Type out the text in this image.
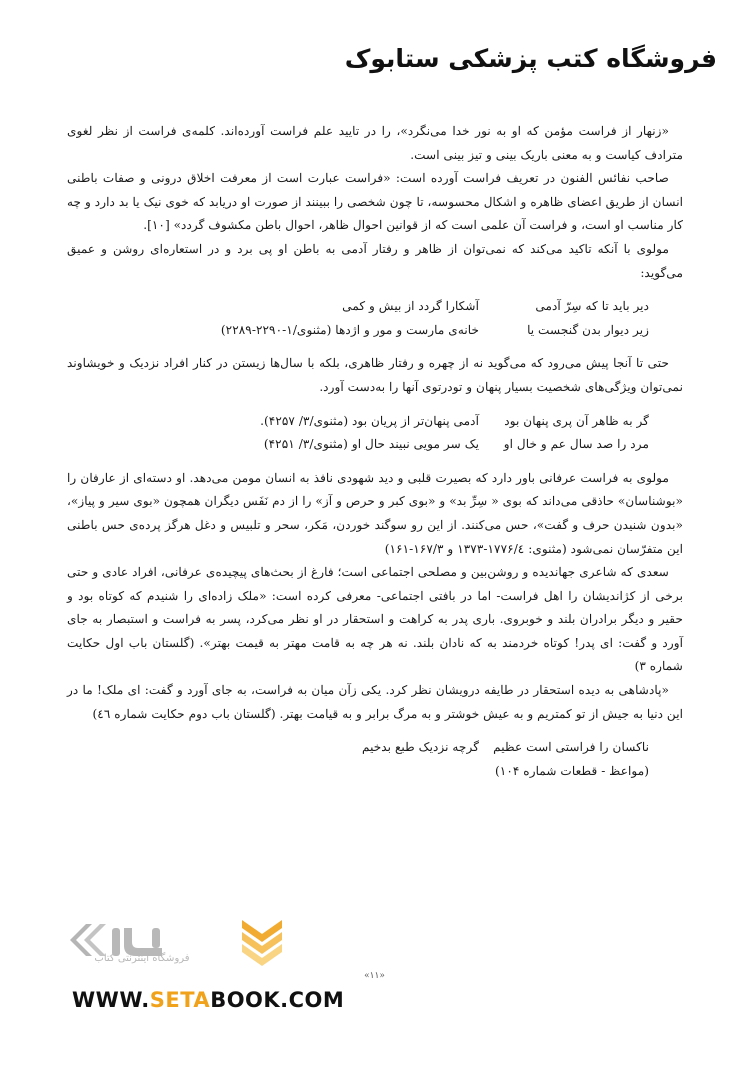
فروشگاه کتب پزشکی ستابوک

«زنهار از فراست مؤمن که او به نور خدا می‌نگرد»، را در تایید علم فراست آورده‌اند. کلمه‌ی فراست از نظر لغوی مترادف کیاست و به معنی باریک بینی و تیز بینی است.

صاحب نفائس الفنون در تعریف فراست آورده است: «فراست عبارت است از معرفت اخلاق درونی و صفات باطنی انسان از طریق اعضای ظاهره و اشکال محسوسه، تا چون شخصی را ببینند از صورت او دریابد که خوی نیک یا بد دارد و چه کار مناسب او است، و فراست آن علمی است که از قوانین احوال ظاهر، احوال باطن مکشوف گردد» [۱۰].

مولوی با آنکه تاکید می‌کند که نمی‌توان از ظاهر و رفتار آدمی به باطن او پی برد و در استعاره‌ای روشن و عمیق می‌گوید:

دیر باید تا که سِرّ آدمی
آشکارا گردد از بیش و کمی
زیر دیوار بدن گنجست یا
خانه‌ی مارست و مور و اژدها (مثنوی/۱-۲۲۹۰-۲۲۸۹)

حتی تا آنجا پیش می‌رود که می‌گوید نه از چهره و رفتار ظاهری، بلکه با سال‌ها زیستن در کنار افراد نزدیک و خویشاوند نمی‌توان ویژگی‌های شخصیت بسیار پنهان و تودرتوی آنها را به‌دست آورد.

گر به ظاهر آن پری پنهان بود
آدمی پنهان‌تر از پریان بود (مثنوی/۳/ ۴۲۵۷).
مرد را صد سال عم و خال او
یک سر مویی نبیند حال او (مثنوی/۳/ ۴۲۵۱)

مولوی به فراست عرفانی باور دارد که بصیرت قلبی و دید شهودی نافذ به انسان مومن می‌دهد. او دسته‌ای از عارفان را «بوشناسان» حاذقی می‌داند که بوی « سِرِّ بد» و «بوی کبر و حرص و آز» را از دم نَفَس دیگران همچون «بوی سیر و پیاز»، «بدون شنیدن حرف و گفت»، حس می‌کنند. از این رو سوگند خوردن، مَکر، سحر و تلبیس و دغل هرگز پرده‌ی حس باطنی این متفرّسان نمی‌شود (مثنوی: ۱۷۷۶/٤-۱۳۷۳ و ۱۶۷/۳-۱۶۱)

سعدی که شاعری جهاندیده و روشن‌بین و مصلحی اجتماعی است؛ فارغ از بحث‌های پیچیده‌ی عرفانی، افراد عادی و حتی برخی از کژاندیشان را اهل فراست- اما در بافتی اجتماعی- معرفی کرده است: «ملک زاده‌ای را شنیدم که کوتاه بود و حقیر و دیگر برادران بلند و خوبروی. باری پدر به کراهت و استحقار در او نظر می‌کرد، پسر به فراست و استبصار به جای آورد و گفت: ای پدر! کوتاه خردمند به که نادان بلند. نه هر چه به قامت مهتر به قیمت بهتر». (گلستان باب اول حکایت شماره ۳)

«پادشاهی به دیده استحقار در طایفه درویشان نظر کرد. یکی زآن میان به فراست، به جای آورد و گفت: ای ملک! ما در این دنیا به جیش از تو کمتریم و به عیش خوشتر و به مرگ برابر و به قیامت بهتر. (گلستان باب دوم حکایت شماره ٤٦)

ناکسان را فراستی است عظیم
گرچه نزدیک طبع بدخیم
(مواعظ - قطعات شماره ۱۰۴)
فروشگاه اینترنتی کتاب
«۱۱»
WWW.SETABOOK.COM
